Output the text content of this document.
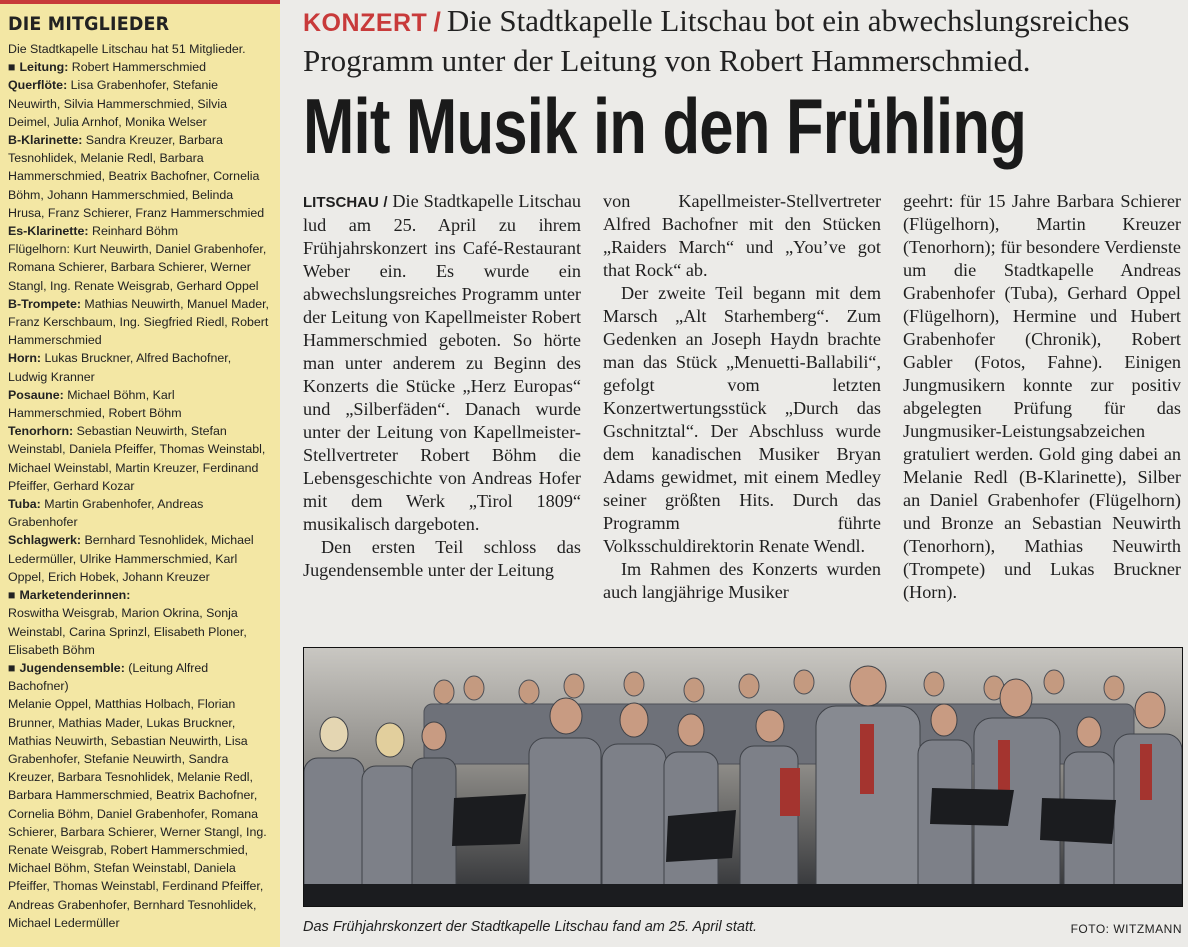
DIE MITGLIEDER

Die Stadtkapelle Litschau hat 51 Mitglieder.

■ Leitung: Robert Hammerschmied

Querflöte: Lisa Grabenhofer, Stefanie Neuwirth, Silvia Hammerschmied, Silvia Deimel, Julia Arnhof, Monika Welser

B-Klarinette: Sandra Kreuzer, Barbara Tesnohlidek, Melanie Redl, Barbara Hammerschmied, Beatrix Bachofner, Cornelia Böhm, Johann Hammerschmied, Belinda Hrusa, Franz Schierer, Franz Hammerschmied

Es-Klarinette: Reinhard Böhm

Flügelhorn: Kurt Neuwirth, Daniel Grabenhofer, Romana Schierer, Barbara Schierer, Werner Stangl, Ing. Renate Weisgrab, Gerhard Oppel

B-Trompete: Mathias Neuwirth, Manuel Mader, Franz Kerschbaum, Ing. Siegfried Riedl, Robert Hammerschmied

Horn: Lukas Bruckner, Alfred Bachofner, Ludwig Kranner

Posaune: Michael Böhm, Karl Hammerschmied, Robert Böhm

Tenorhorn: Sebastian Neuwirth, Stefan Weinstabl, Daniela Pfeiffer, Thomas Weinstabl, Michael Weinstabl, Martin Kreuzer, Ferdinand Pfeiffer, Gerhard Kozar

Tuba: Martin Grabenhofer, Andreas Grabenhofer

Schlagwerk: Bernhard Tesnohlidek, Michael Ledermüller, Ulrike Hammerschmied, Karl Oppel, Erich Hobek, Johann Kreuzer

■ Marketenderinnen:

Roswitha Weisgrab, Marion Okrina, Sonja Weinstabl, Carina Sprinzl, Elisabeth Ploner, Elisabeth Böhm

■ Jugendensemble: (Leitung Alfred Bachofner)

Melanie Oppel, Matthias Holbach, Florian Brunner, Mathias Mader, Lukas Bruckner, Mathias Neuwirth, Sebastian Neuwirth, Lisa Grabenhofer, Stefanie Neuwirth, Sandra Kreuzer, Barbara Tesnohlidek, Melanie Redl, Barbara Hammerschmied, Beatrix Bachofner, Cornelia Böhm, Daniel Grabenhofer, Romana Schierer, Barbara Schierer, Werner Stangl, Ing. Renate Weisgrab, Robert Hammerschmied, Michael Böhm, Stefan Weinstabl, Daniela Pfeiffer, Thomas Weinstabl, Ferdinand Pfeiffer, Andreas Grabenhofer, Bernhard Tesnohlidek, Michael Ledermüller

KONZERT / Die Stadtkapelle Litschau bot ein abwechslungsreiches Programm unter der Leitung von Robert Hammerschmied.
Mit Musik in den Frühling

LITSCHAU / Die Stadtkapelle Litschau lud am 25. April zu ihrem Frühjahrskonzert ins Café-Restaurant Weber ein. Es wurde ein abwechslungsreiches Programm unter der Leitung von Kapellmeister Robert Hammerschmied geboten. So hörte man unter anderem zu Beginn des Konzerts die Stücke „Herz Europas“ und „Silberfäden“. Danach wurde unter der Leitung von Kapellmeister-Stellvertreter Robert Böhm die Lebensgeschichte von Andreas Hofer mit dem Werk „Tirol 1809“ musikalisch dargeboten.

Den ersten Teil schloss das Jugendensemble unter der Leitung

von Kapellmeister-Stellvertreter Alfred Bachofner mit den Stücken „Raiders March“ und „You’ve got that Rock“ ab.

Der zweite Teil begann mit dem Marsch „Alt Starhemberg“. Zum Gedenken an Joseph Haydn brachte man das Stück „Menuetti-Ballabili“, gefolgt vom letzten Konzertwertungsstück „Durch das Gschnitztal“. Der Abschluss wurde dem kanadischen Musiker Bryan Adams gewidmet, mit einem Medley seiner größten Hits. Durch das Programm führte Volksschuldirektorin Renate Wendl.

Im Rahmen des Konzerts wurden auch langjährige Musiker

geehrt: für 15 Jahre Barbara Schierer (Flügelhorn), Martin Kreuzer (Tenorhorn); für besondere Verdienste um die Stadtkapelle Andreas Grabenhofer (Tuba), Gerhard Oppel (Flügelhorn), Hermine und Hubert Grabenhofer (Chronik), Robert Gabler (Fotos, Fahne). Einigen Jungmusikern konnte zur positiv abgelegten Prüfung für das Jungmusiker-Leistungsabzeichen gratuliert werden. Gold ging dabei an Melanie Redl (B-Klarinette), Silber an Daniel Grabenhofer (Flügelhorn) und Bronze an Sebastian Neuwirth (Tenorhorn), Mathias Neuwirth (Trompete) und Lukas Bruckner (Horn).

Das Frühjahrskonzert der Stadtkapelle Litschau fand am 25. April statt.	FOTO: WITZMANN
